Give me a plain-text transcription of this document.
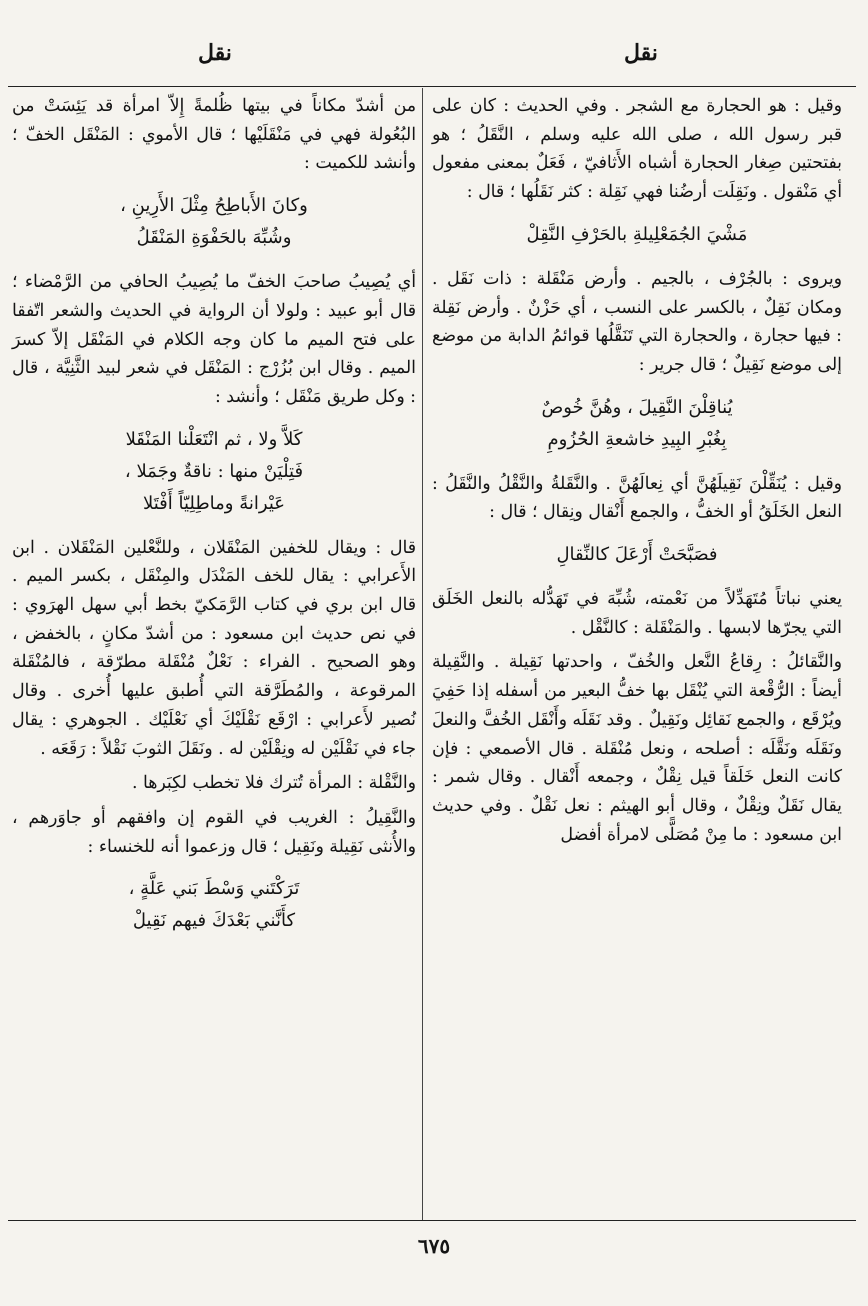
نقل	نقل

وقيل : هو الحجارة مع الشجر . وفي الحديث : كان على قبر رسول الله ، صلى الله عليه وسلم ، النَّقَلُ ؛ هو بفتحتين صِغار الحجارة أشباه الأَثافيّ ، فَعَلٌ بمعنى مفعول أي مَنْقول . ونَقِلَت أرضُنا فهي نَقِلة : كثر نَقَلُها ؛ قال :

مَشْيَ الجُمَعْلِيلةِ بالحَرْفِ النَّقِلْ

ويروى : بالجُرْف ، بالجيم . وأرض مَنْقَلة : ذات نَقَل . ومكان نَقِلٌ ، بالكسر على النسب ، أي حَزْنٌ . وأرض نَقِلة : فيها حجارة ، والحجارة التي تَنَقَّلُها قوائمُ الدابة من موضع إلى موضع نَقِيلٌ ؛ قال جرير :

يُناقِلْنَ النَّقِيلَ ، وهُنَّ خُوصٌ
بِغُبْرِ البِيدِ خاشعةِ الحُزُومِ

وقيل : يُنَقِّلْنَ نَقِيلَهُنَّ أي نِعالَهُنَّ . والنَّقَلةُ والنَّقْلُ والنَّقَلُ : النعل الخَلَقُ أو الخفُّ ، والجمع أَنْقال ونِقال ؛ قال :

فصَبَّحَتْ أَرْعَلَ كالنِّقالِ

يعني نباتاً مُتَهَدِّلاً من نَعْمته، شُبِّهَ في تَهَدُّله بالنعل الخَلَق التي يجرّها لابسها . والمَنْقَلة : كالنَّقْل .

والنَّقائلُ : رِقاعُ النَّعل والخُفّ ، واحدتها نَقِيلة . والنَّقِيلة أيضاً : الرُّقْعة التي يُنْقَل بها خفُّ البعير من أسفله إذا حَفِيَ ويُرْقَع ، والجمع نَقائِل ونَقِيلٌ . وقد نَقَلَه وأَنْقَل الخُفَّ والنعلَ ونَقَلَه ونَقَّلَه : أصلحه ، ونعل مُنْقَلة . قال الأصمعي : فإن كانت النعل خَلَقاً قيل نِقْلٌ ، وجمعه أَنْقال . وقال شمر : يقال نَقَلٌ ونِقْلٌ ، وقال أبو الهيثم : نعل نَقْلٌ . وفي حديث ابن مسعود : ما مِنْ مُصَلًّى لامرأة أفضل

من أشدّ مكاناً في بيتها ظُلمةً إِلاّ امرأة قد يَئِسَتْ من البُعُولة فهي في مَنْقَلَيْها ؛ قال الأموي : المَنْقَل الخفّ ؛ وأنشد للكميت :

وكانَ الأَباطِحُ مِثْلَ الأَرِينِ ،
وشُبِّهَ بالحَفْوَةِ المَنْقَلُ

أي يُصِيبُ صاحبَ الخفّ ما يُصِيبُ الحافي من الرَّمْضاء ؛ قال أبو عبيد : ولولا أن الرواية في الحديث والشعر اتّفقا على فتح الميم ما كان وجه الكلام في المَنْقَل إلاّ كسرَ الميم . وقال ابن بُزُرْج : المَنْقَل في شعر لبيد الثَّنِيَّة ، قال : وكل طريق مَنْقَل ؛ وأنشد :

كَلاَّ ولا ، ثم انْتَعَلْنا المَنْقَلا
فَتِلْيَنْ منها : ناقةٌ وجَمَلا ،
عَيْرانةً وماطِلِيّاً أَفْتَلا

قال : ويقال للخفين المَنْقَلان ، وللنَّعْلين المَنْقَلان . ابن الأَعرابي : يقال للخف المَنْدَل والمِنْقَل ، بكسر الميم . قال ابن بري في كتاب الرَّمَكيّ بخط أبي سهل الهرَوي : في نص حديث ابن مسعود : من أشدّ مكانٍ ، بالخفض ، وهو الصحيح . الفراء : نَعْلٌ مُنْقَلة مطرّقة ، فالمُنْقَلة المرقوعة ، والمُطَرَّقة التي أُطبق عليها أُخرى . وقال نُصير لأَعرابي : ارْقَع نَقْلَيْكَ أي نَعْلَيْك . الجوهري : يقال جاء في نَقْلَيْن له ونِقْلَيْن له . ونَقَلَ الثوبَ نَقْلاً : رَقَعَه .

والنَّقْلة : المرأة تُترك فلا تخطب لكِبَرها .

والنَّقِيلُ : الغريب في القوم إن وافقهم أو جاوَرهم ، والأُنثى نَقِيلة ونَقِيل ؛ قال وزعموا أنه للخنساء :

تَرَكْتَني وَسْطَ بَني عَلَّةٍ ،
كأَنَّني بَعْدَكَ فيهم نَقِيلْ
٦٧٥
